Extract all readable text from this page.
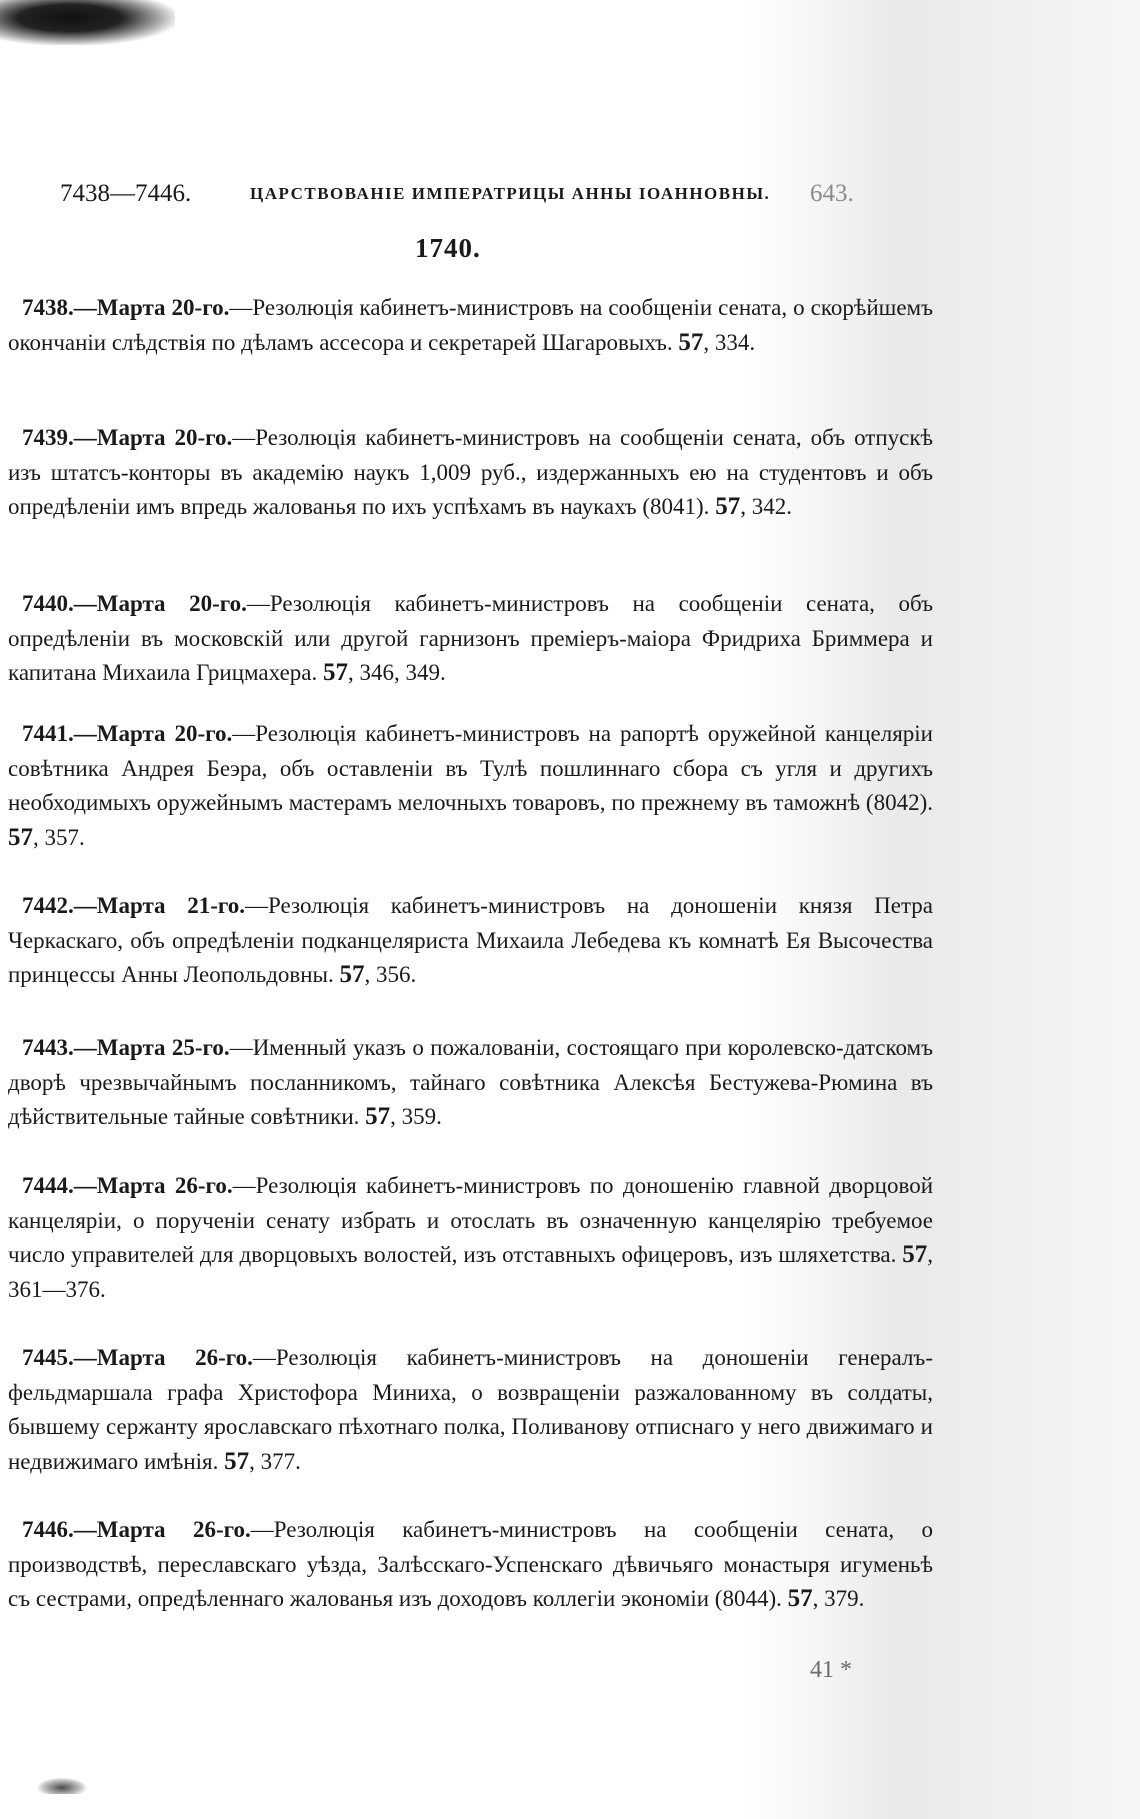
7438—7446.	ЦАРСТВОВАНІЕ ИМПЕРАТРИЦЫ АННЫ ІОАННОВНЫ. 643.
1740.
7438.—Марта 20-го.—Резолюція кабинетъ-министровъ на сообщеніи сената, о скорѣйшемъ окончаніи слѣдствія по дѣламъ ассесора и секретарей Шагаровыхъ. 57, 334.
7439.—Марта 20-го.—Резолюція кабинетъ-министровъ на сообщеніи сената, объ отпускѣ изъ штатсъ-конторы въ академію наукъ 1,009 руб., издержанныхъ ею на студентовъ и объ опредѣленіи имъ впредь жалованья по ихъ успѣхамъ въ наукахъ (8041). 57, 342.
7440.—Марта 20-го.—Резолюція кабинетъ-министровъ на сообщеніи сената, объ опредѣленіи въ московскій или другой гарнизонъ преміеръ-маіора Фридриха Бриммера и капитана Михаила Грицмахера. 57, 346, 349.
7441.—Марта 20-го.—Резолюція кабинетъ-министровъ на рапортѣ оружейной канцеляріи совѣтника Андрея Беэра, объ оставленіи въ Тулѣ пошлиннаго сбора съ угля и другихъ необходимыхъ оружейнымъ мастерамъ мелочныхъ товаровъ, по прежнему въ таможнѣ (8042). 57, 357.
7442.—Марта 21-го.—Резолюція кабинетъ-министровъ на доношеніи князя Петра Черкаскаго, объ опредѣленіи подканцеляриста Михаила Лебедева къ комнатѣ Ея Высочества принцессы Анны Леопольдовны. 57, 356.
7443.—Марта 25-го.—Именный указъ о пожалованіи, состоящаго при королевско-датскомъ дворѣ чрезвычайнымъ посланникомъ, тайнаго совѣтника Алексѣя Бестужева-Рюмина въ дѣйствительные тайные совѣтники. 57, 359.
7444.—Марта 26-го.—Резолюція кабинетъ-министровъ по доношенію главной дворцовой канцеляріи, о порученіи сенату избрать и отослать въ означенную канцелярію требуемое число управителей для дворцовыхъ волостей, изъ отставныхъ офицеровъ, изъ шляхетства. 57, 361—376.
7445.—Марта 26-го.—Резолюція кабинетъ-министровъ на доношеніи генералъ-фельдмаршала графа Христофора Миниха, о возвращеніи разжалованному въ солдаты, бывшему сержанту ярославскаго пѣхотнаго полка, Поливанову отписнаго у него движимаго и недвижимаго имѣнія. 57, 377.
7446.—Марта 26-го.—Резолюція кабинетъ-министровъ на сообщеніи сената, о производствѣ, переславскаго уѣзда, Залѣсскаго-Успенскаго дѣвичьяго монастыря игуменьѣ съ сестрами, опредѣленнаго жалованья изъ доходовъ коллегіи экономіи (8044). 57, 379.
41 *
